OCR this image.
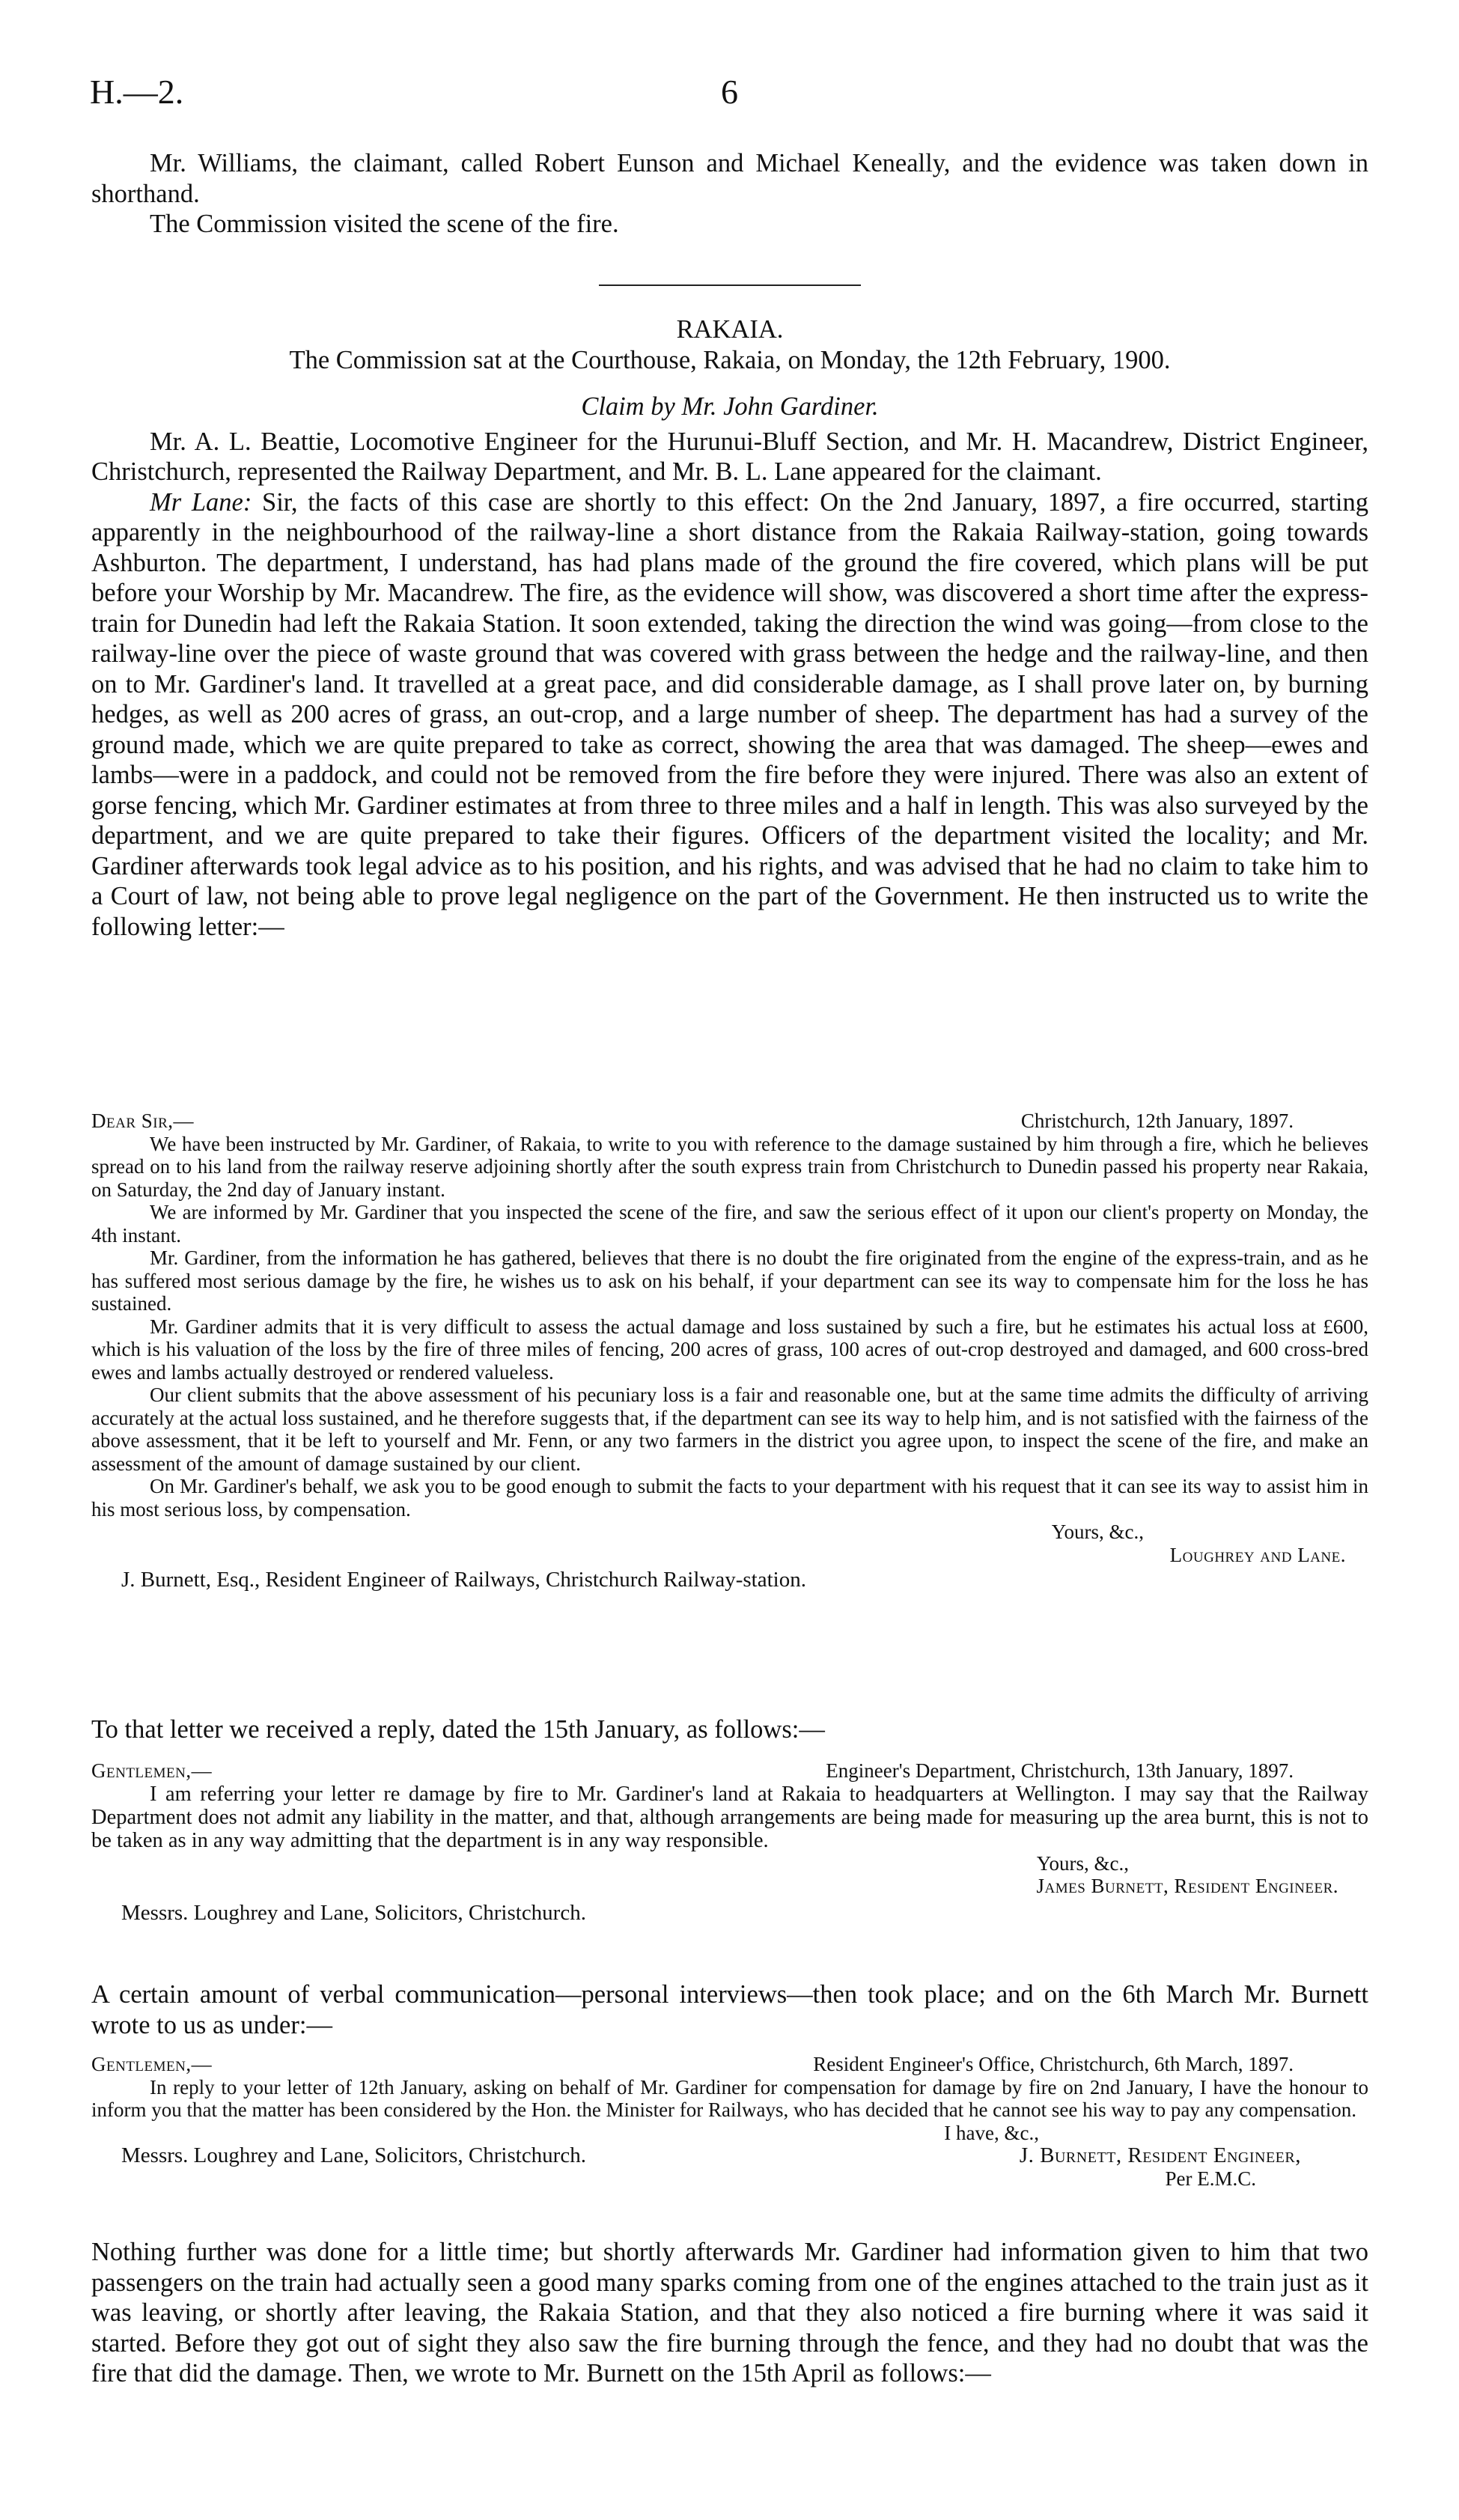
H.—2.	6

Mr. Williams, the claimant, called Robert Eunson and Michael Keneally, and the evidence was taken down in shorthand.

The Commission visited the scene of the fire.

RAKAIA.

The Commission sat at the Courthouse, Rakaia, on Monday, the 12th February, 1900.

Claim by Mr. John Gardiner.

Mr. A. L. Beattie, Locomotive Engineer for the Hurunui-Bluff Section, and Mr. H. Macandrew, District Engineer, Christchurch, represented the Railway Department, and Mr. B. L. Lane appeared for the claimant.

Mr Lane: Sir, the facts of this case are shortly to this effect: On the 2nd January, 1897, a fire occurred, starting apparently in the neighbourhood of the railway-line a short distance from the Rakaia Railway-station, going towards Ashburton. The department, I understand, has had plans made of the ground the fire covered, which plans will be put before your Worship by Mr. Macandrew. The fire, as the evidence will show, was discovered a short time after the express-train for Dunedin had left the Rakaia Station. It soon extended, taking the direction the wind was going—from close to the railway-line over the piece of waste ground that was covered with grass between the hedge and the railway-line, and then on to Mr. Gardiner's land. It travelled at a great pace, and did considerable damage, as I shall prove later on, by burning hedges, as well as 200 acres of grass, an out-crop, and a large number of sheep. The department has had a survey of the ground made, which we are quite prepared to take as correct, showing the area that was damaged. The sheep—ewes and lambs—were in a paddock, and could not be removed from the fire before they were injured. There was also an extent of gorse fencing, which Mr. Gardiner estimates at from three to three miles and a half in length. This was also surveyed by the department, and we are quite prepared to take their figures. Officers of the department visited the locality; and Mr. Gardiner afterwards took legal advice as to his position, and his rights, and was advised that he had no claim to take him to a Court of law, not being able to prove legal negligence on the part of the Government. He then instructed us to write the following letter:—

Dear Sir,—	Christchurch, 12th January, 1897.

We have been instructed by Mr. Gardiner, of Rakaia, to write to you with reference to the damage sustained by him through a fire, which he believes spread on to his land from the railway reserve adjoining shortly after the south express train from Christchurch to Dunedin passed his property near Rakaia, on Saturday, the 2nd day of January instant.

We are informed by Mr. Gardiner that you inspected the scene of the fire, and saw the serious effect of it upon our client's property on Monday, the 4th instant.

Mr. Gardiner, from the information he has gathered, believes that there is no doubt the fire originated from the engine of the express-train, and as he has suffered most serious damage by the fire, he wishes us to ask on his behalf, if your department can see its way to compensate him for the loss he has sustained.

Mr. Gardiner admits that it is very difficult to assess the actual damage and loss sustained by such a fire, but he estimates his actual loss at £600, which is his valuation of the loss by the fire of three miles of fencing, 200 acres of grass, 100 acres of out-crop destroyed and damaged, and 600 cross-bred ewes and lambs actually destroyed or rendered valueless.

Our client submits that the above assessment of his pecuniary loss is a fair and reasonable one, but at the same time admits the difficulty of arriving accurately at the actual loss sustained, and he therefore suggests that, if the department can see its way to help him, and is not satisfied with the fairness of the above assessment, that it be left to yourself and Mr. Fenn, or any two farmers in the district you agree upon, to inspect the scene of the fire, and make an assessment of the amount of damage sustained by our client.

On Mr. Gardiner's behalf, we ask you to be good enough to submit the facts to your department with his request that it can see its way to assist him in his most serious loss, by compensation.

Yours, &c.,

Loughrey and Lane.

J. Burnett, Esq., Resident Engineer of Railways, Christchurch Railway-station.

To that letter we received a reply, dated the 15th January, as follows:—

Gentlemen,—	Engineer's Department, Christchurch, 13th January, 1897.

I am referring your letter re damage by fire to Mr. Gardiner's land at Rakaia to headquarters at Wellington. I may say that the Railway Department does not admit any liability in the matter, and that, although arrangements are being made for measuring up the area burnt, this is not to be taken as in any way admitting that the department is in any way responsible.

Yours, &c.,

James Burnett, Resident Engineer.

Messrs. Loughrey and Lane, Solicitors, Christchurch.

A certain amount of verbal communication—personal interviews—then took place; and on the 6th March Mr. Burnett wrote to us as under:—

Gentlemen,—	Resident Engineer's Office, Christchurch, 6th March, 1897.

In reply to your letter of 12th January, asking on behalf of Mr. Gardiner for compensation for damage by fire on 2nd January, I have the honour to inform you that the matter has been considered by the Hon. the Minister for Railways, who has decided that he cannot see his way to pay any compensation.

I have, &c.,

Messrs. Loughrey and Lane, Solicitors, Christchurch.	J. Burnett, Resident Engineer,

Per E.M.C.

Nothing further was done for a little time; but shortly afterwards Mr. Gardiner had information given to him that two passengers on the train had actually seen a good many sparks coming from one of the engines attached to the train just as it was leaving, or shortly after leaving, the Rakaia Station, and that they also noticed a fire burning where it was said it started. Before they got out of sight they also saw the fire burning through the fence, and they had no doubt that was the fire that did the damage. Then, we wrote to Mr. Burnett on the 15th April as follows:—
